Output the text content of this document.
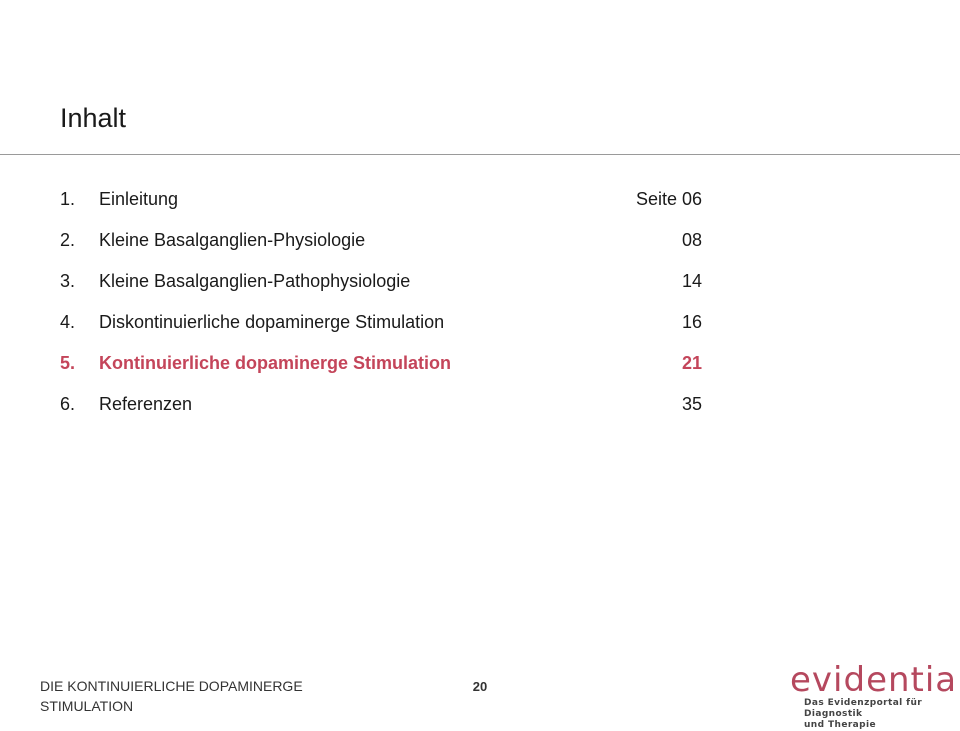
Inhalt
1. Einleitung	Seite 06
2. Kleine Basalganglien-Physiologie	08
3. Kleine Basalganglien-Pathophysiologie	14
4. Diskontinuierliche dopaminerge Stimulation	16
5. Kontinuierliche dopaminerge Stimulation	21
6. Referenzen	35
DIE KONTINUIERLICHE DOPAMINERGE STIMULATION
20	evidentia
Das Evidenzportal für Diagnostik
und Therapie
